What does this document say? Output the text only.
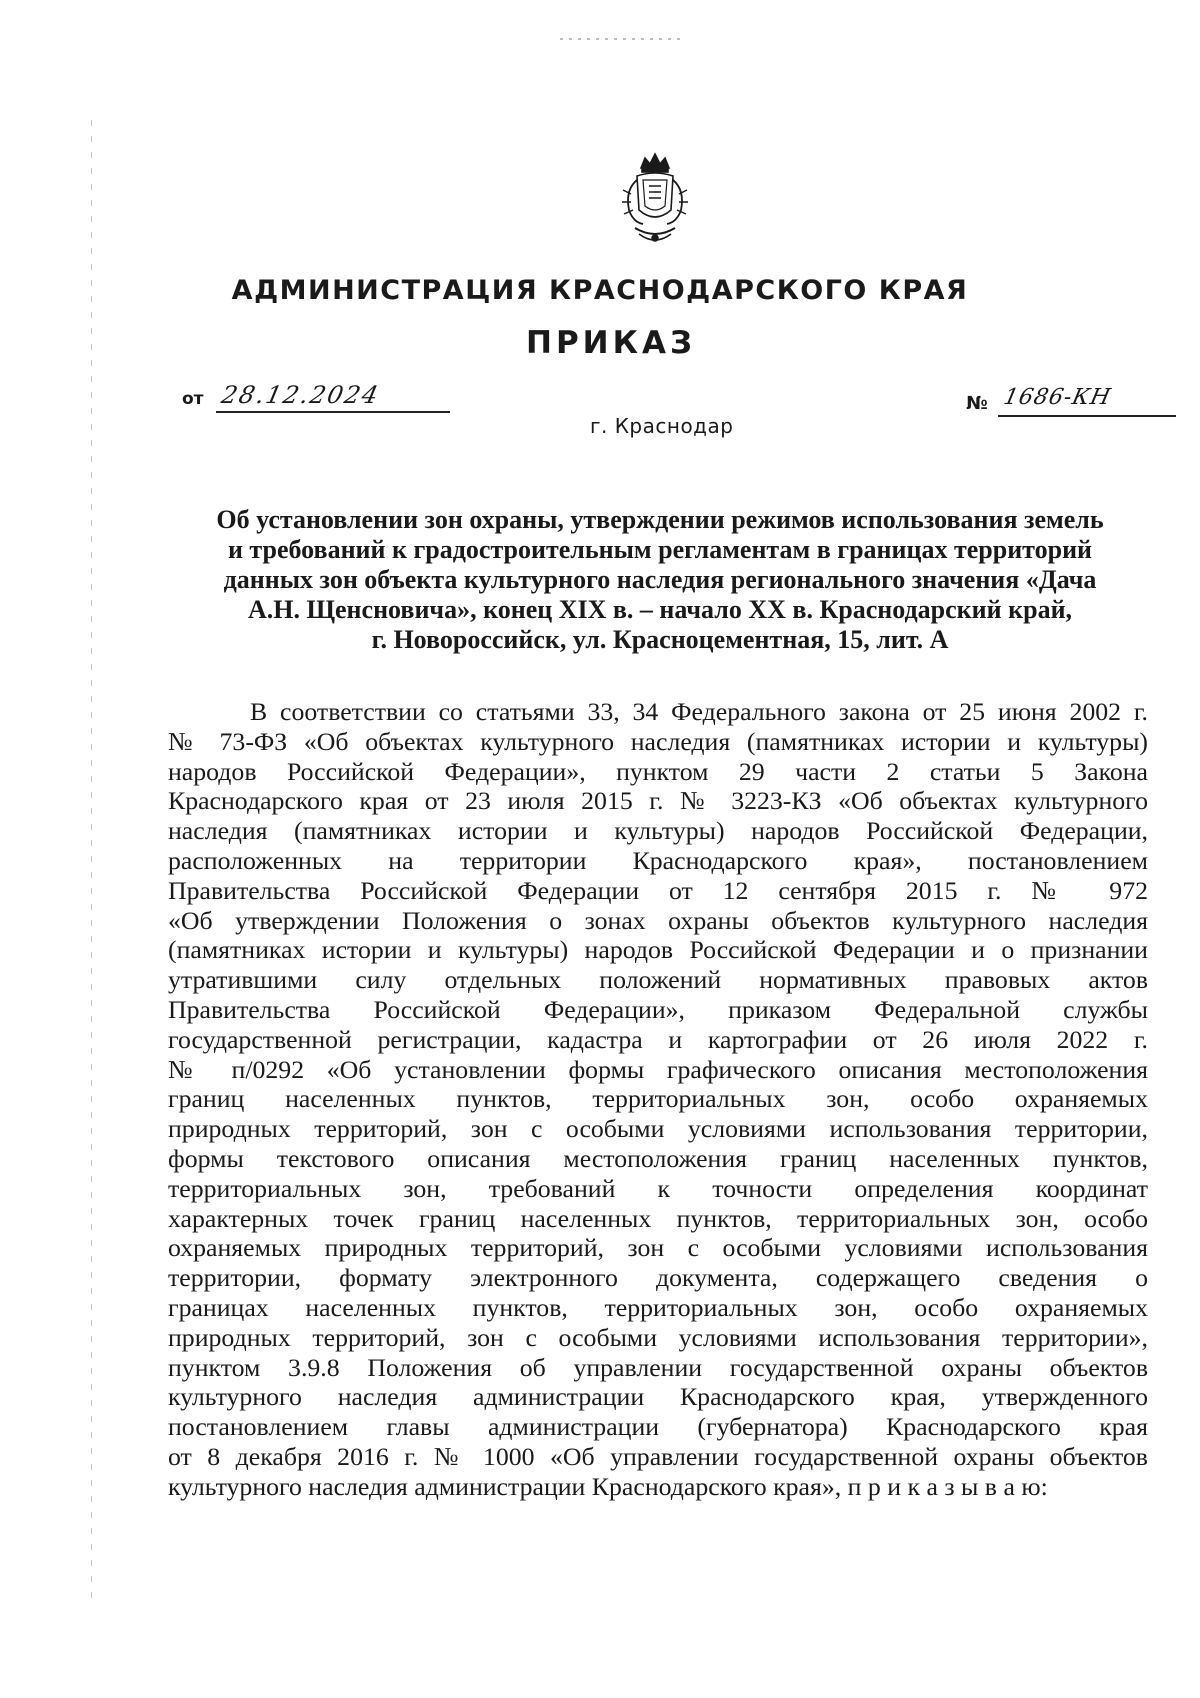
АДМИНИСТРАЦИЯ КРАСНОДАРСКОГО КРАЯ
ПРИКАЗ
от 28.12.2024
г. Краснодар
№ 1686-КН

Об установлении зон охраны, утверждении режимов использования земель
и требований к градостроительным регламентам в границах территорий
данных зон объекта культурного наследия регионального значения «Дача
А.Н. Щенсновича», конец XIX в. – начало XX в. Краснодарский край,
г. Новороссийск, ул. Красноцементная, 15, лит. А

В соответствии со статьями 33, 34 Федерального закона от 25 июня 2002 г.
№ 73-ФЗ «Об объектах культурного наследия (памятниках истории и культуры)
народов Российской Федерации», пунктом 29 части 2 статьи 5 Закона
Краснодарского края от 23 июля 2015 г. № 3223-КЗ «Об объектах культурного
наследия (памятниках истории и культуры) народов Российской Федерации,
расположенных на территории Краснодарского края», постановлением
Правительства Российской Федерации от 12 сентября 2015 г. № 972
«Об утверждении Положения о зонах охраны объектов культурного наследия
(памятниках истории и культуры) народов Российской Федерации и о признании
утратившими силу отдельных положений нормативных правовых актов
Правительства Российской Федерации», приказом Федеральной службы
государственной регистрации, кадастра и картографии от 26 июля 2022 г.
№ п/0292 «Об установлении формы графического описания местоположения
границ населенных пунктов, территориальных зон, особо охраняемых
природных территорий, зон с особыми условиями использования территории,
формы текстового описания местоположения границ населенных пунктов,
территориальных зон, требований к точности определения координат
характерных точек границ населенных пунктов, территориальных зон, особо
охраняемых природных территорий, зон с особыми условиями использования
территории, формату электронного документа, содержащего сведения о
границах населенных пунктов, территориальных зон, особо охраняемых
природных территорий, зон с особыми условиями использования территории»,
пунктом 3.9.8 Положения об управлении государственной охраны объектов
культурного наследия администрации Краснодарского края, утвержденного
постановлением главы администрации (губернатора) Краснодарского края
от 8 декабря 2016 г. № 1000 «Об управлении государственной охраны объектов
культурного наследия администрации Краснодарского края», п р и к а з ы в а ю:
